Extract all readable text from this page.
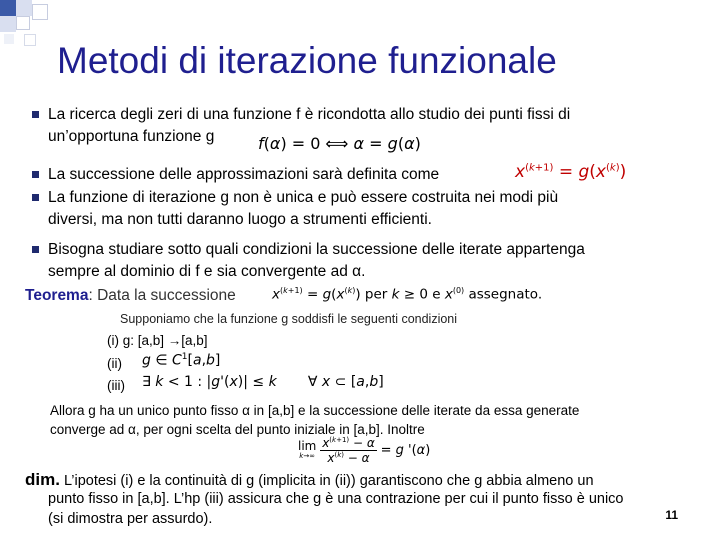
Metodi di iterazione funzionale
La ricerca degli zeri di una funzione f è ricondotta allo studio dei punti fissi di
un’opportuna funzione g	f(α) = 0 ⟺ α = g(α)
La successione delle approssimazioni sarà definita come	$x^{(k+1)} = g(x^{(k)})$
La funzione di iterazione g non è unica e può essere costruita nei modi più
diversi, ma non tutti daranno luogo a strumenti efficienti.
Bisogna studiare sotto quali condizioni la successione delle iterate appartenga
sempre al dominio di f e sia convergente ad α.
Teorema: Data la successione	$x^{(k+1)} = g(x^{(k)})$ per k ≥ 0 e $x^{(0)}$ assegnato.
Supponiamo che la funzione g soddisfi le seguenti condizioni
(i) g: [a,b] →[a,b]
(ii) g ∈ $C^1[a,b]$
(iii) ∃ k < 1 : |g'(x)| ≤ k       ∀ x ⊂ [a,b]
Allora g ha un unico punto fisso α in [a,b] e la successione delle iterate da essa generate
converge ad α, per ogni scelta del punto iniziale in [a,b]. Inoltre
lim
k→∞
$\frac{x^{(k+1)} - \alpha}{x^{(k)} - \alpha} = g$ '(α)
dim. L’ipotesi (i) e la continuità di g (implicita in (ii)) garantiscono che g abbia almeno un
punto fisso in [a,b]. L’hp (iii) assicura che g è una contrazione per cui il punto fisso è unico
(si dimostra per assurdo).	11
